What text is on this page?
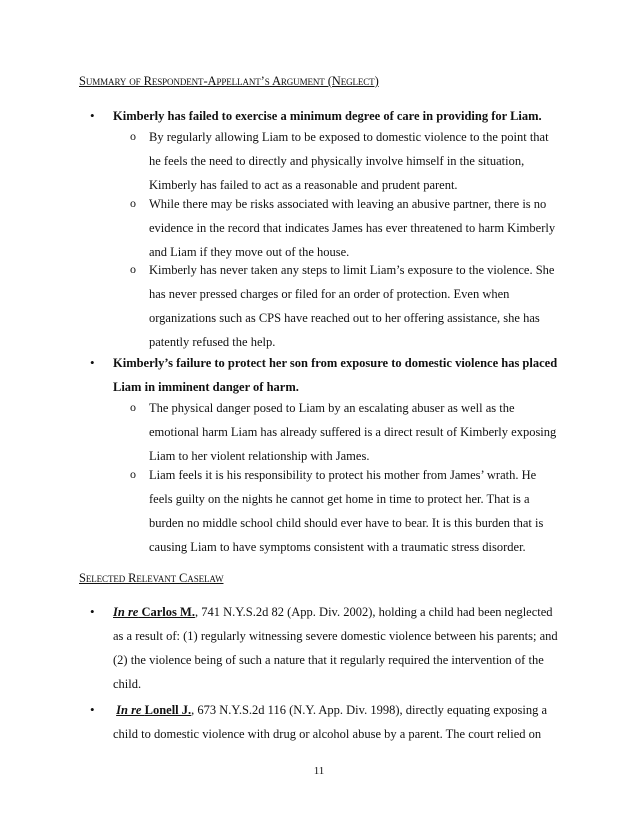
Summary of Respondent-Appellant’s Argument (Neglect)
• Kimberly has failed to exercise a minimum degree of care in providing for Liam.
o By regularly allowing Liam to be exposed to domestic violence to the point that
he feels the need to directly and physically involve himself in the situation,
Kimberly has failed to act as a reasonable and prudent parent.
o While there may be risks associated with leaving an abusive partner, there is no
evidence in the record that indicates James has ever threatened to harm Kimberly
and Liam if they move out of the house.
o Kimberly has never taken any steps to limit Liam’s exposure to the violence. She
has never pressed charges or filed for an order of protection. Even when
organizations such as CPS have reached out to her offering assistance, she has
patently refused the help.
• Kimberly’s failure to protect her son from exposure to domestic violence has placed
Liam in imminent danger of harm.
o The physical danger posed to Liam by an escalating abuser as well as the
emotional harm Liam has already suffered is a direct result of Kimberly exposing
Liam to her violent relationship with James.
o Liam feels it is his responsibility to protect his mother from James’ wrath. He
feels guilty on the nights he cannot get home in time to protect her. That is a
burden no middle school child should ever have to bear. It is this burden that is
causing Liam to have symptoms consistent with a traumatic stress disorder.
Selected Relevant Caselaw
• In re Carlos M., 741 N.Y.S.2d 82 (App. Div. 2002), holding a child had been neglected
as a result of: (1) regularly witnessing severe domestic violence between his parents; and
(2) the violence being of such a nature that it regularly required the intervention of the
child.
• In re Lonell J., 673 N.Y.S.2d 116 (N.Y. App. Div. 1998), directly equating exposing a
child to domestic violence with drug or alcohol abuse by a parent. The court relied on
11
